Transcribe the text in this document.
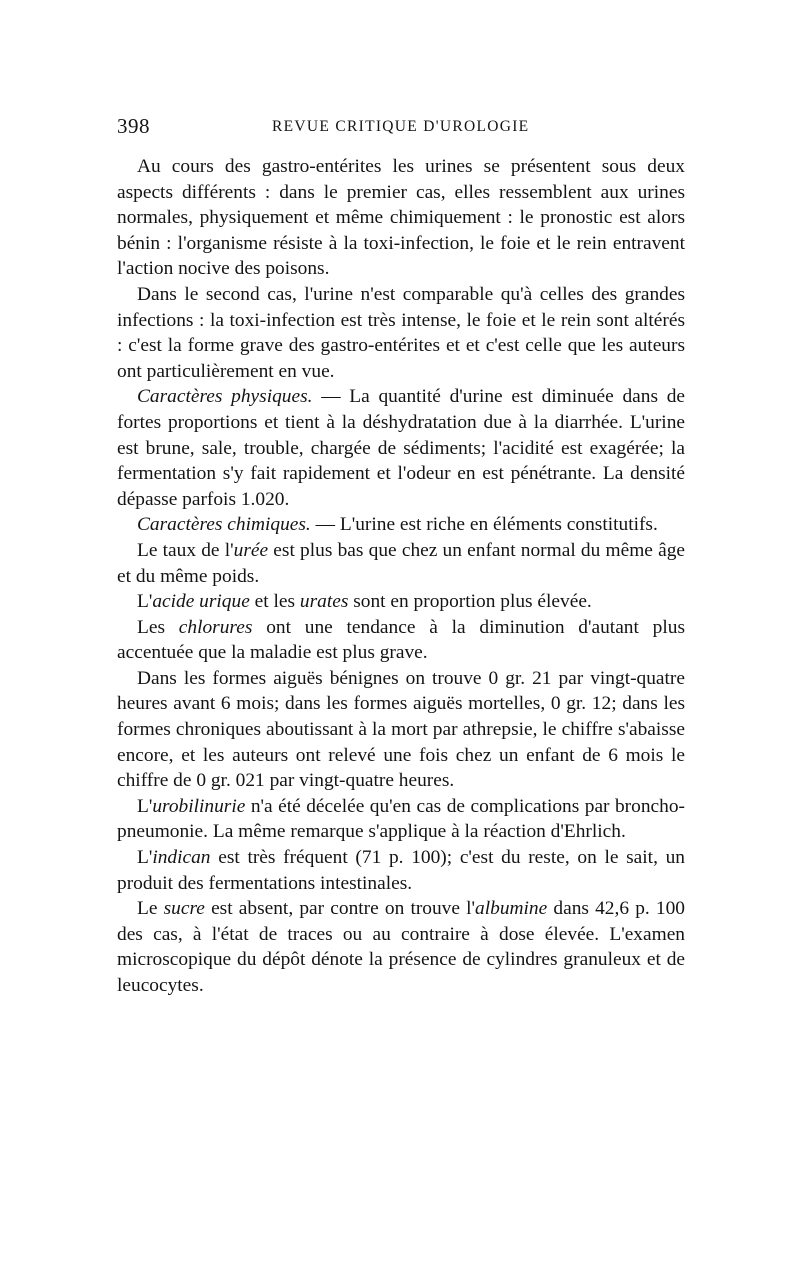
398	REVUE CRITIQUE D'UROLOGIE

Au cours des gastro-entérites les urines se présentent sous deux aspects différents : dans le premier cas, elles ressemblent aux urines normales, physiquement et même chimiquement : le pronostic est alors bénin : l'organisme résiste à la toxi-infection, le foie et le rein entravent l'action nocive des poisons.

Dans le second cas, l'urine n'est comparable qu'à celles des grandes infections : la toxi-infection est très intense, le foie et le rein sont altérés : c'est la forme grave des gastro-entérites et et c'est celle que les auteurs ont particulièrement en vue.

Caractères physiques. — La quantité d'urine est diminuée dans de fortes proportions et tient à la déshydratation due à la diarrhée. L'urine est brune, sale, trouble, chargée de sédiments; l'acidité est exagérée; la fermentation s'y fait rapidement et l'odeur en est pénétrante. La densité dépasse parfois 1.020.

Caractères chimiques. — L'urine est riche en éléments constitutifs.

Le taux de l'urée est plus bas que chez un enfant normal du même âge et du même poids.

L'acide urique et les urates sont en proportion plus élevée.

Les chlorures ont une tendance à la diminution d'autant plus accentuée que la maladie est plus grave.

Dans les formes aiguës bénignes on trouve 0 gr. 21 par vingt-quatre heures avant 6 mois; dans les formes aiguës mortelles, 0 gr. 12; dans les formes chroniques aboutissant à la mort par athrepsie, le chiffre s'abaisse encore, et les auteurs ont relevé une fois chez un enfant de 6 mois le chiffre de 0 gr. 021 par vingt-quatre heures.

L'urobilinurie n'a été décelée qu'en cas de complications par broncho-pneumonie. La même remarque s'applique à la réaction d'Ehrlich.

L'indican est très fréquent (71 p. 100); c'est du reste, on le sait, un produit des fermentations intestinales.

Le sucre est absent, par contre on trouve l'albumine dans 42,6 p. 100 des cas, à l'état de traces ou au contraire à dose élevée. L'examen microscopique du dépôt dénote la présence de cylindres granuleux et de leucocytes.
